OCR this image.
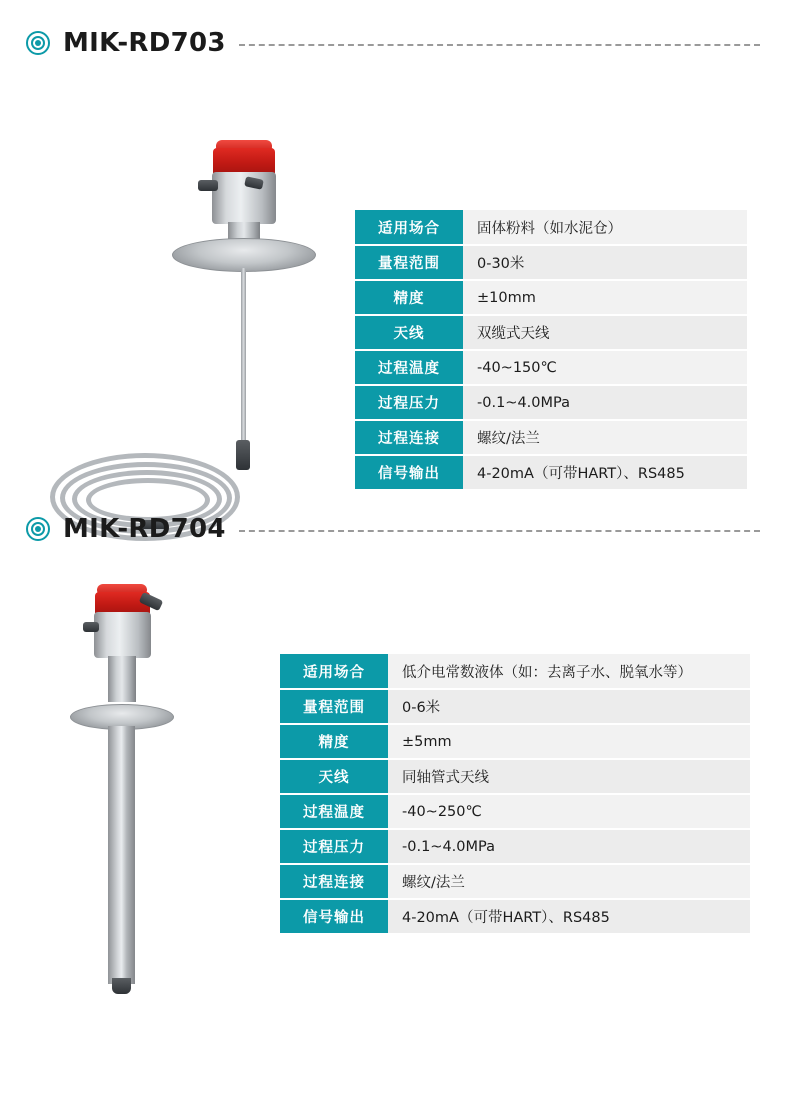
MIK-RD703
适用场合	固体粉料（如水泥仓）
量程范围	0-30米
精度	±10mm
天线	双缆式天线
过程温度	-40~150℃
过程压力	-0.1~4.0MPa
过程连接	螺纹/法兰
信号输出	4-20mA（可带HART）、RS485
MIK-RD704
适用场合	低介电常数液体（如：去离子水、脱氧水等）
量程范围	0-6米
精度	±5mm
天线	同轴管式天线
过程温度	-40~250℃
过程压力	-0.1~4.0MPa
过程连接	螺纹/法兰
信号输出	4-20mA（可带HART）、RS485
